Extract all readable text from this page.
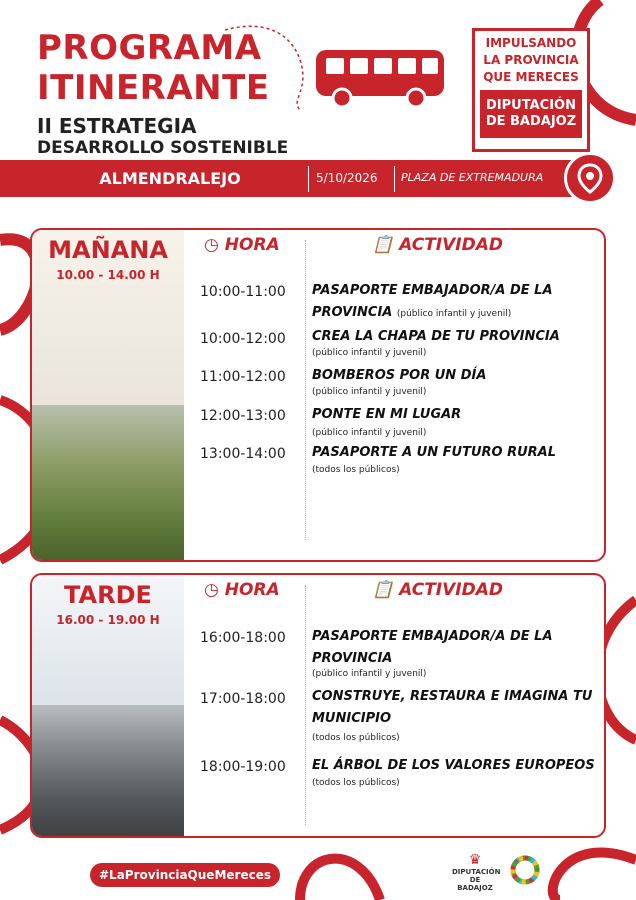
PROGRAMA
ITINERANTE
II ESTRATEGIA
DESARROLLO SOSTENIBLE
IMPULSANDO
LA PROVINCIA
QUE MERECES
DIPUTACIÓN
DE BADAJOZ
ALMENDRALEJO	5/10/2026 PLAZA DE EXTREMADURA
MAÑANA
10.00 - 14.00 H
◷ HORA	📋 ACTIVIDAD
10:00-11:00 PASAPORTE EMBAJADOR/A DE LA
PROVINCIA (público infantil y juvenil)
10:00-12:00 CREA LA CHAPA DE TU PROVINCIA
(público infantil y juvenil)
11:00-12:00 BOMBEROS POR UN DÍA
(público infantil y juvenil)
12:00-13:00 PONTE EN MI LUGAR
(público infantil y juvenil)
13:00-14:00 PASAPORTE A UN FUTURO RURAL
(todos los públicos)
TARDE
16.00 - 19.00 H
◷ HORA	📋 ACTIVIDAD
16:00-18:00 PASAPORTE EMBAJADOR/A DE LA
PROVINCIA
(público infantil y juvenil)
17:00-18:00 CONSTRUYE, RESTAURA E IMAGINA TU
MUNICIPIO
(todos los públicos)
18:00-19:00 EL ÁRBOL DE LOS VALORES EUROPEOS
(todos los públicos)
#LaProvinciaQueMereces
♛
DIPUTACIÓN
DE BADAJOZ
